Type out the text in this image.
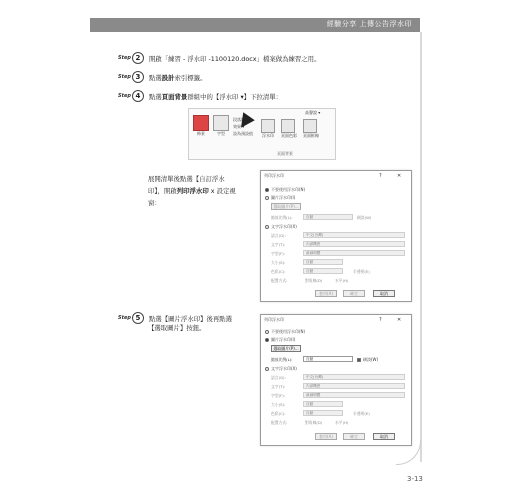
經驗分享 上傳公告浮水印
Step 2	開啟「練習 - 浮水印 -1100120.docx」檔案做為練習之用。
Step 3	點選 設計 索引標籤。
Step 4	點選 頁面背景 群組中的【浮水印 ▾】下拉清單：
佈景	字型
段落間距 ▾
效果 ▾
設為預設值 浮水印 頁面色彩 頁面框線
高聲說 ▾
頁面背景
展開清單後點選【自訂浮水
印】，開啟列印浮水印 x 設定視
窗：
列印浮水印	?	✕
不要使用浮水印(N)
圖片浮水印(I)
選取圖片(P)...
縮放比例(L):	自動	刷淡(W)
文字浮水印(X)
語言(G):	中文(台灣)
文字(T):	內部機密
字型(F):	新細明體
大小(S):	自動
色彩(C):	自動	半透明(E)
配置方式:	對角線(D)	水平(H)
套用(A)	確定	取消
Step 5	點選【圖片浮水印】後再點選
【選取圖片】按鈕。
列印浮水印	?	✕
不要使用浮水印(N)
圖片浮水印(I)
選取圖片(P)...
縮放比例(L):	自動	刷淡(W)
文字浮水印(X)
語言(G):	中文(台灣)
文字(T):	內部機密
字型(F):	新細明體
大小(S):	自動
色彩(C):	自動	半透明(E)
配置方式:	對角線(D)	水平(H)
套用(A)	確定	取消
3-13
